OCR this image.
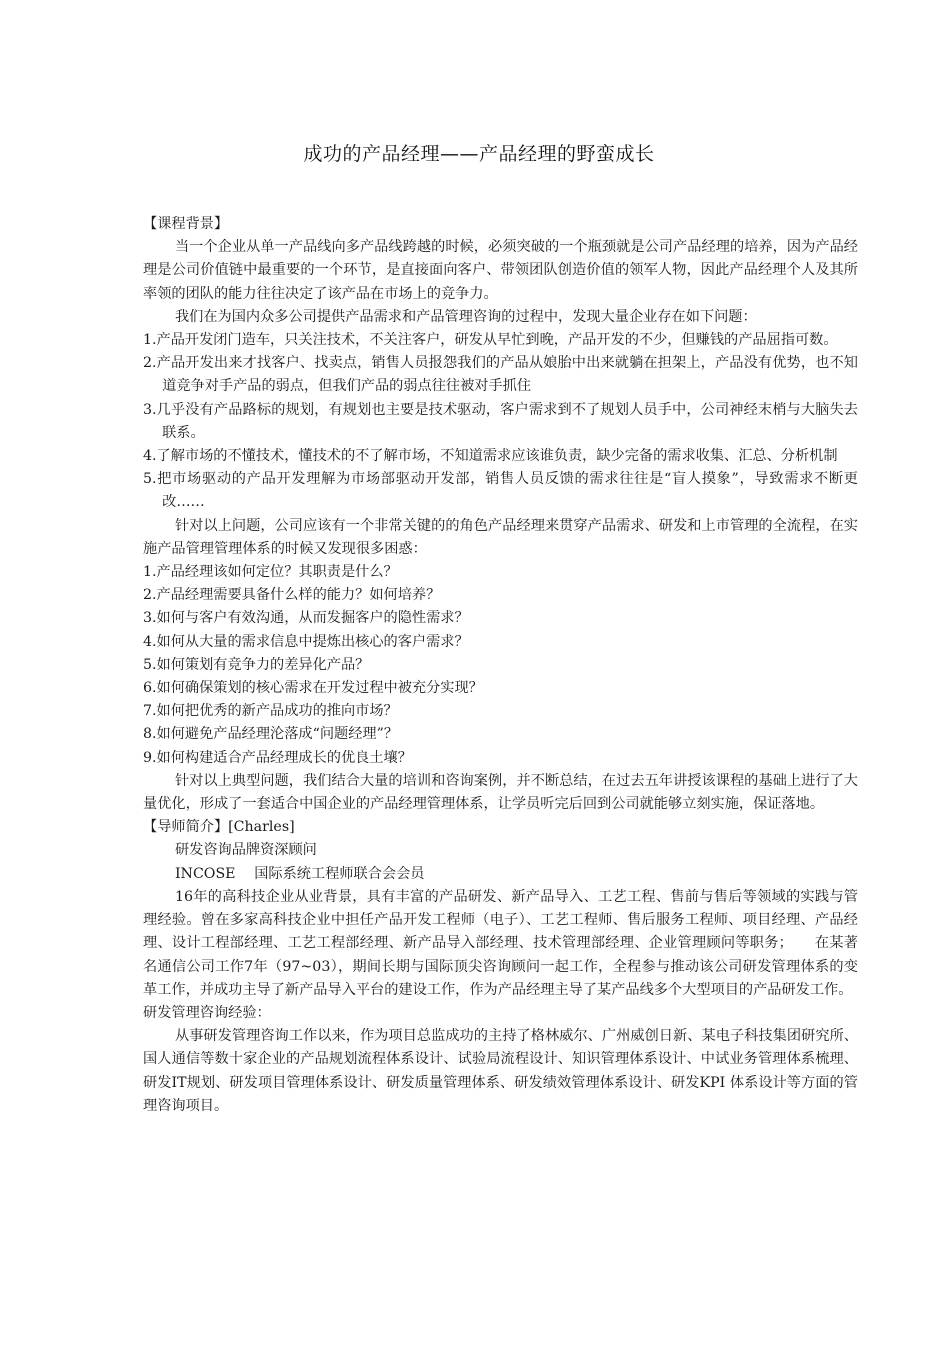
成功的产品经理——产品经理的野蛮成长

【课程背景】

当一个企业从单一产品线向多产品线跨越的时候，必须突破的一个瓶颈就是公司产品经理的培养，因为产品经理是公司价值链中最重要的一个环节，是直接面向客户、带领团队创造价值的领军人物，因此产品经理个人及其所率领的团队的能力往往决定了该产品在市场上的竞争力。

我们在为国内众多公司提供产品需求和产品管理咨询的过程中，发现大量企业存在如下问题：

1.产品开发闭门造车，只关注技术，不关注客户，研发从早忙到晚，产品开发的不少，但赚钱的产品屈指可数。

2.产品开发出来才找客户、找卖点，销售人员报怨我们的产品从娘胎中出来就躺在担架上，产品没有优势，也不知道竞争对手产品的弱点，但我们产品的弱点往往被对手抓住

3.几乎没有产品路标的规划，有规划也主要是技术驱动，客户需求到不了规划人员手中，公司神经末梢与大脑失去联系。

4.了解市场的不懂技术，懂技术的不了解市场，不知道需求应该谁负责，缺少完备的需求收集、汇总、分析机制

5.把市场驱动的产品开发理解为市场部驱动开发部，销售人员反馈的需求往往是“盲人摸象”，导致需求不断更改……

针对以上问题，公司应该有一个非常关键的的角色产品经理来贯穿产品需求、研发和上市管理的全流程，在实施产品管理管理体系的时候又发现很多困惑：

1.产品经理该如何定位？其职责是什么？

2.产品经理需要具备什么样的能力？如何培养？

3.如何与客户有效沟通，从而发掘客户的隐性需求？

4.如何从大量的需求信息中提炼出核心的客户需求？

5.如何策划有竞争力的差异化产品？

6.如何确保策划的核心需求在开发过程中被充分实现？

7.如何把优秀的新产品成功的推向市场？

8.如何避免产品经理沦落成“问题经理”？

9.如何构建适合产品经理成长的优良土壤？

针对以上典型问题，我们结合大量的培训和咨询案例，并不断总结，在过去五年讲授该课程的基础上进行了大量优化，形成了一套适合中国企业的产品经理管理体系，让学员听完后回到公司就能够立刻实施，保证落地。

【导师简介】[Charles]

研发咨询品牌资深顾问

INCOSE　 国际系统工程师联合会会员

16年的高科技企业从业背景，具有丰富的产品研发、新产品导入、工艺工程、售前与售后等领域的实践与管理经验。曾在多家高科技企业中担任产品开发工程师（电子）、工艺工程师、售后服务工程师、项目经理、产品经理、设计工程部经理、工艺工程部经理、新产品导入部经理、技术管理部经理、企业管理顾问等职务；　　在某著名通信公司工作7年（97~03），期间长期与国际顶尖咨询顾问一起工作，全程参与推动该公司研发管理体系的变革工作，并成功主导了新产品导入平台的建设工作，作为产品经理主导了某产品线多个大型项目的产品研发工作。

研发管理咨询经验：

从事研发管理咨询工作以来，作为项目总监成功的主持了格林威尔、广州威创日新、某电子科技集团研究所、国人通信等数十家企业的产品规划流程体系设计、试验局流程设计、知识管理体系设计、中试业务管理体系梳理、研发IT规划、研发项目管理体系设计、研发质量管理体系、研发绩效管理体系设计、研发KPI 体系设计等方面的管理咨询项目。
